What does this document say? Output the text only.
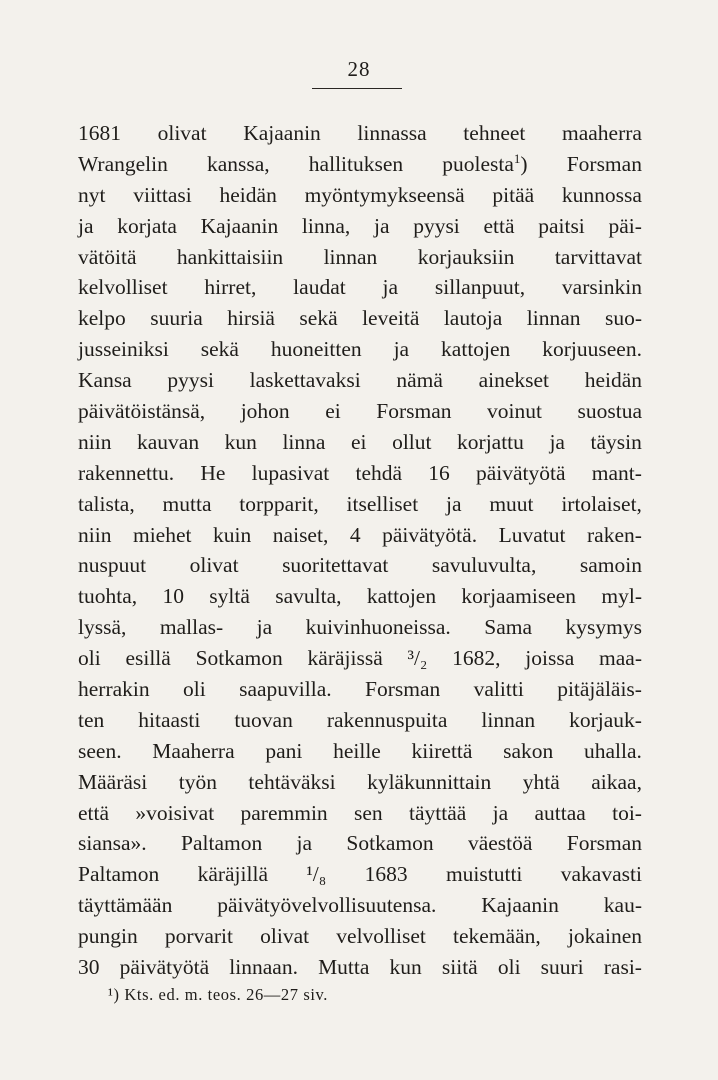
28
1681 olivat Kajaanin linnassa tehneet maaherra
Wrangelin kanssa, hallituksen puolesta$^1$) Forsman
nyt viittasi heidän myöntymykseensä pitää kunnossa
ja korjata Kajaanin linna, ja pyysi että paitsi päi-
vätöitä hankittaisiin linnan korjauksiin tarvittavat
kelvolliset hirret, laudat ja sillanpuut, varsinkin
kelpo suuria hirsiä sekä leveitä lautoja linnan suo-
jusseiniksi sekä huoneitten ja kattojen korjuuseen.
Kansa pyysi laskettavaksi nämä ainekset heidän
päivätöistänsä, johon ei Forsman voinut suostua
niin kauvan kun linna ei ollut korjattu ja täysin
rakennettu. He lupasivat tehdä 16 päivätyötä mant-
talista, mutta torpparit, itselliset ja muut irtolaiset,
niin miehet kuin naiset, 4 päivätyötä. Luvatut raken-
nuspuut olivat suoritettavat savuluvulta, samoin
tuohta, 10 syltä savulta, kattojen korjaamiseen myl-
lyssä, mallas- ja kuivinhuoneissa. Sama kysymys
oli esillä Sotkamon käräjissä ³/₂ 1682, joissa maa-
herrakin oli saapuvilla. Forsman valitti pitäjäläis-
ten hitaasti tuovan rakennuspuita linnan korjauk-
seen. Maaherra pani heille kiirettä sakon uhalla.
Määräsi työn tehtäväksi kyläkunnittain yhtä aikaa,
että »voisivat paremmin sen täyttää ja auttaa toi-
siansa». Paltamon ja Sotkamon väestöä Forsman
Paltamon käräjillä ¹/₈ 1683 muistutti vakavasti
täyttämään päivätyövelvollisuutensa. Kajaanin kau-
pungin porvarit olivat velvolliset tekemään, jokainen
30 päivätyötä linnaan. Mutta kun siitä oli suuri rasi-
¹) Kts. ed. m. teos. 26—27 siv.
